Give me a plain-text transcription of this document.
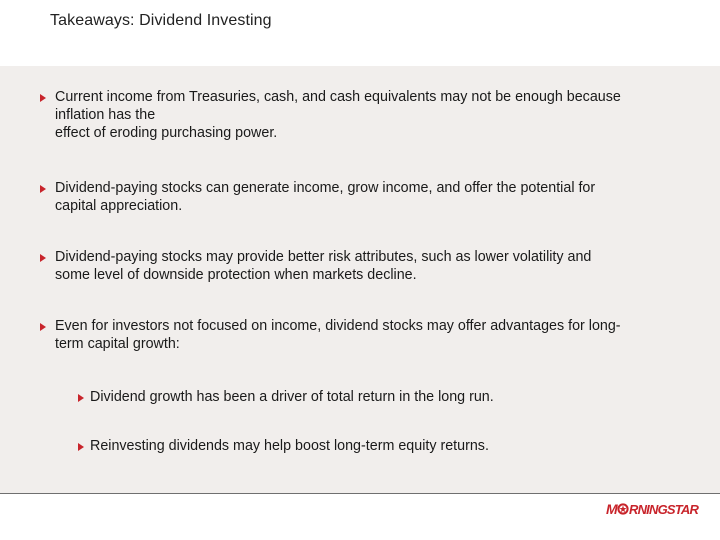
Takeaways: Dividend Investing
Current income from Treasuries, cash, and cash equivalents may not be enough because
inflation has the
effect of eroding purchasing power.
Dividend-paying stocks can generate income, grow income, and offer the potential for
capital appreciation.
Dividend-paying stocks may provide better risk attributes, such as lower volatility and
some level of downside protection when markets decline.
Even for investors not focused on income, dividend stocks may offer advantages for long-
term capital growth:
Dividend growth has been a driver of total return in the long run.
Reinvesting dividends may help boost long-term equity returns.
M RNINGSTAR
